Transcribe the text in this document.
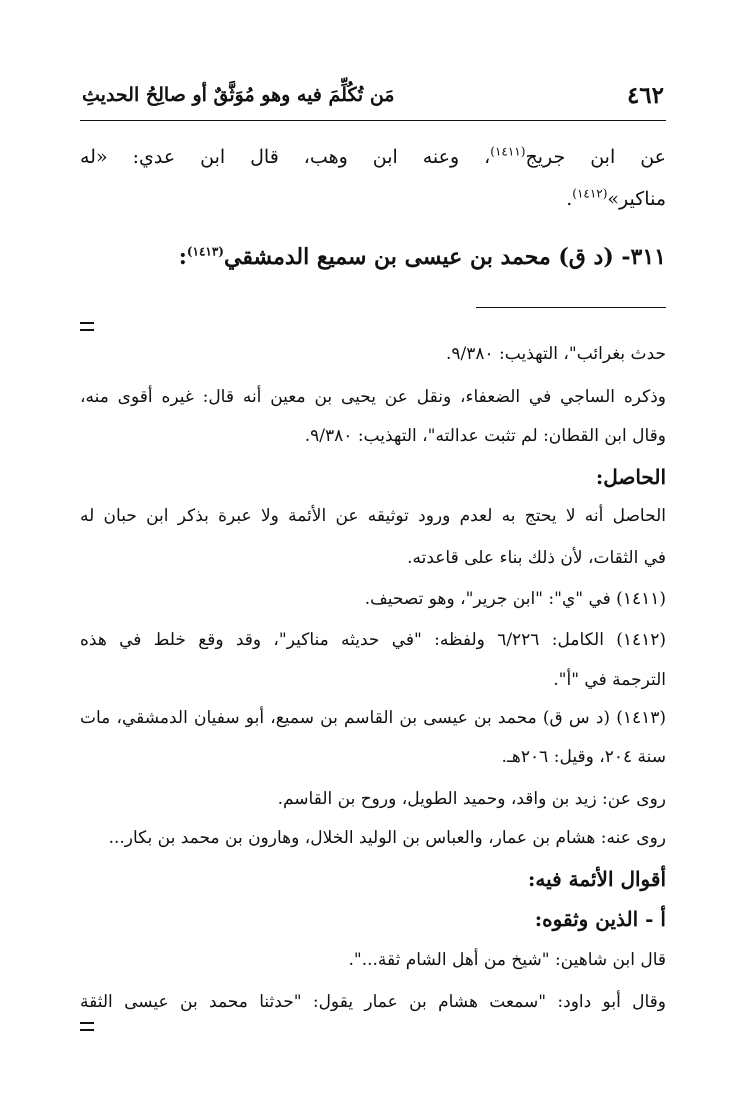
٤٦٢
مَن تُكُلِّمَ فيه وهو مُوَثَّقٌ أو صالِحُ الحديثِ
عن ابن جريج$^{(١٤١١)}$، وعنه ابن وهب، قال ابن عدي: «له
مناكير»$^{(١٤١٢)}$.
٣١١- (د ق) محمد بن عيسى بن سميع الدمشقي$^{(١٤١٣)}$:
حدث بغرائب"، التهذيب: ٩/٣٨٠.
وذكره الساجي في الضعفاء، ونقل عن يحيى بن معين أنه قال: غيره أقوى منه،
وقال ابن القطان: لم تثبت عدالته"، التهذيب: ٩/٣٨٠.
الحاصل:
الحاصل أنه لا يحتج به لعدم ورود توثيقه عن الأئمة ولا عبرة بذكر ابن حبان له
في الثقات، لأن ذلك بناء على قاعدته.
(١٤١١) في "ي": "ابن جرير"، وهو تصحيف.
(١٤١٢) الكامل: ٦/٢٢٦ ولفظه: "في حديثه مناكير"، وقد وقع خلط في هذه
الترجمة في "أ".
(١٤١٣) (د س ق) محمد بن عيسى بن القاسم بن سميع، أبو سفيان الدمشقي، مات
سنة ٢٠٤، وقيل: ٢٠٦هـ.
روى عن: زيد بن واقد، وحميد الطويل، وروح بن القاسم.
روى عنه: هشام بن عمار، والعباس بن الوليد الخلال، وهارون بن محمد بن بكار...
أقوال الأئمة فيه:
أ - الذين وثقوه:
قال ابن شاهين: "شيخ من أهل الشام ثقة...".
وقال أبو داود: "سمعت هشام بن عمار يقول: "حدثنا محمد بن عيسى الثقة
